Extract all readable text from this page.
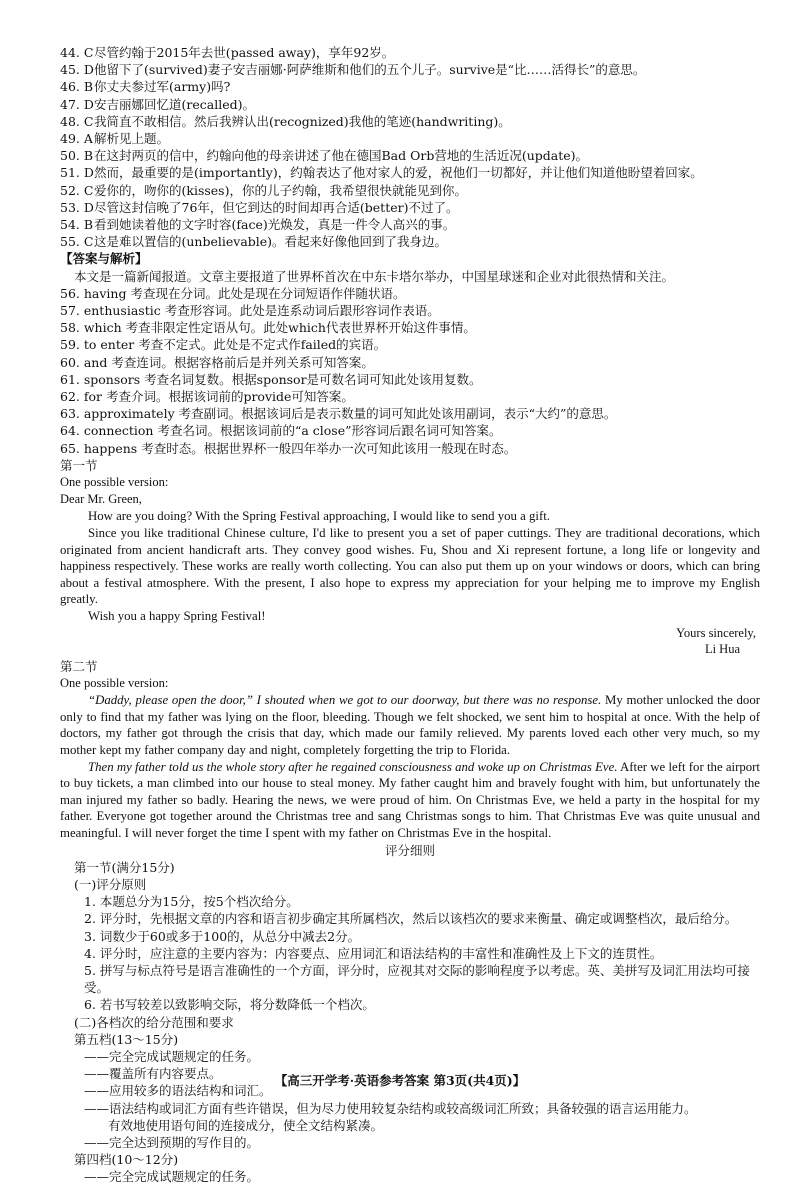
44. C 尽管约翰于2015年去世(passed away)，享年92岁。
45. D 他留下了(survived)妻子安吉丽娜·阿萨维斯和他们的五个儿子。survive是“比……活得长”的意思。
46. B 你丈夫参过军(army)吗?
47. D 安吉丽娜回忆道(recalled)。
48. C 我简直不敢相信。然后我辨认出(recognized)我他的笔迹(handwriting)。
49. A 解析见上题。
50. B 在这封两页的信中，约翰向他的母亲讲述了他在德国Bad Orb营地的生活近况(update)。
51. D 然而，最重要的是(importantly)，约翰表达了他对家人的爱，祝他们一切都好，并让他们知道他盼望着回家。
52. C 爱你的，吻你的(kisses)，你的儿子约翰，我希望很快就能见到你。
53. D 尽管这封信晚了76年，但它到达的时间却再合适(better)不过了。
54. B 看到她读着他的文字时容(face)光焕发，真是一件令人高兴的事。
55. C 这是难以置信的(unbelievable)。看起来好像他回到了我身边。
【答案与解析】
本文是一篇新闻报道。文章主要报道了世界杯首次在中东卡塔尔举办，中国星球迷和企业对此很热情和关注。
56. having 考查现在分词。此处是现在分词短语作伴随状语。
57. enthusiastic 考查形容词。此处是连系动词后跟形容词作表语。
58. which 考查非限定性定语从句。此处which代表世界杯开始这件事情。
59. to enter 考查不定式。此处是不定式作failed的宾语。
60. and 考查连词。根据容格前后是并列关系可知答案。
61. sponsors 考查名词复数。根据sponsor是可数名词可知此处该用复数。
62. for 考查介词。根据该词前的provide可知答案。
63. approximately 考查副词。根据该词后是表示数量的词可知此处该用副词，表示“大约”的意思。
64. connection 考查名词。根据该词前的“a close”形容词后跟名词可知答案。
65. happens 考查时态。根据世界杯一般四年举办一次可知此该用一般现在时态。
第一节
One possible version:
Dear Mr. Green,

How are you doing? With the Spring Festival approaching, I would like to send you a gift.

Since you like traditional Chinese culture, I'd like to present you a set of paper cuttings. They are traditional decorations, which originated from ancient handicraft arts. They convey good wishes. Fu, Shou and Xi represent fortune, a long life or longevity and happiness respectively. These works are really worth collecting. You can also put them up on your windows or doors, which can bring about a festival atmosphere. With the present, I also hope to express my appreciation for your helping me to improve my English greatly.

Wish you a happy Spring Festival!

Yours sincerely,
Li Hua
第二节
One possible version:

“Daddy, please open the door,” I shouted when we got to our doorway, but there was no response. My mother unlocked the door only to find that my father was lying on the floor, bleeding. Though we felt shocked, we sent him to hospital at once. With the help of doctors, my father got through the crisis that day, which made our family relieved. My parents loved each other very much, so my mother kept my father company day and night, completely forgetting the trip to Florida.

Then my father told us the whole story after he regained consciousness and woke up on Christmas Eve. After we left for the airport to buy tickets, a man climbed into our house to steal money. My father caught him and bravely fought with him, but unfortunately the man injured my father so badly. Hearing the news, we were proud of him. On Christmas Eve, we held a party in the hospital for my father. Everyone got together around the Christmas tree and sang Christmas songs to him. That Christmas Eve was quite unusual and meaningful. I will never forget the time I spent with my father on Christmas Eve in the hospital.

评分细则
第一节(满分15分)
(一)评分原则
1. 本题总分为15分，按5个档次给分。
2. 评分时，先根据文章的内容和语言初步确定其所属档次，然后以该档次的要求来衡量、确定或调整档次，最后给分。
3. 词数少于60或多于100的，从总分中减去2分。
4. 评分时，应注意的主要内容为：内容要点、应用词汇和语法结构的丰富性和准确性及上下文的连贯性。
5. 拼写与标点符号是语言准确性的一个方面，评分时，应视其对交际的影响程度予以考虑。英、美拼写及词汇用法均可接受。
6. 若书写较差以致影响交际，将分数降低一个档次。
(二)各档次的给分范围和要求
第五档(13～15分)
——完全完成试题规定的任务。
——覆盖所有内容要点。
——应用较多的语法结构和词汇。
——语法结构或词汇方面有些许错误，但为尽力使用较复杂结构或较高级词汇所致；具备较强的语言运用能力。
有效地使用语句间的连接成分，使全文结构紧凑。
——完全达到预期的写作目的。
第四档(10～12分)
——完全完成试题规定的任务。
【高三开学考·英语参考答案 第3页(共4页)】
